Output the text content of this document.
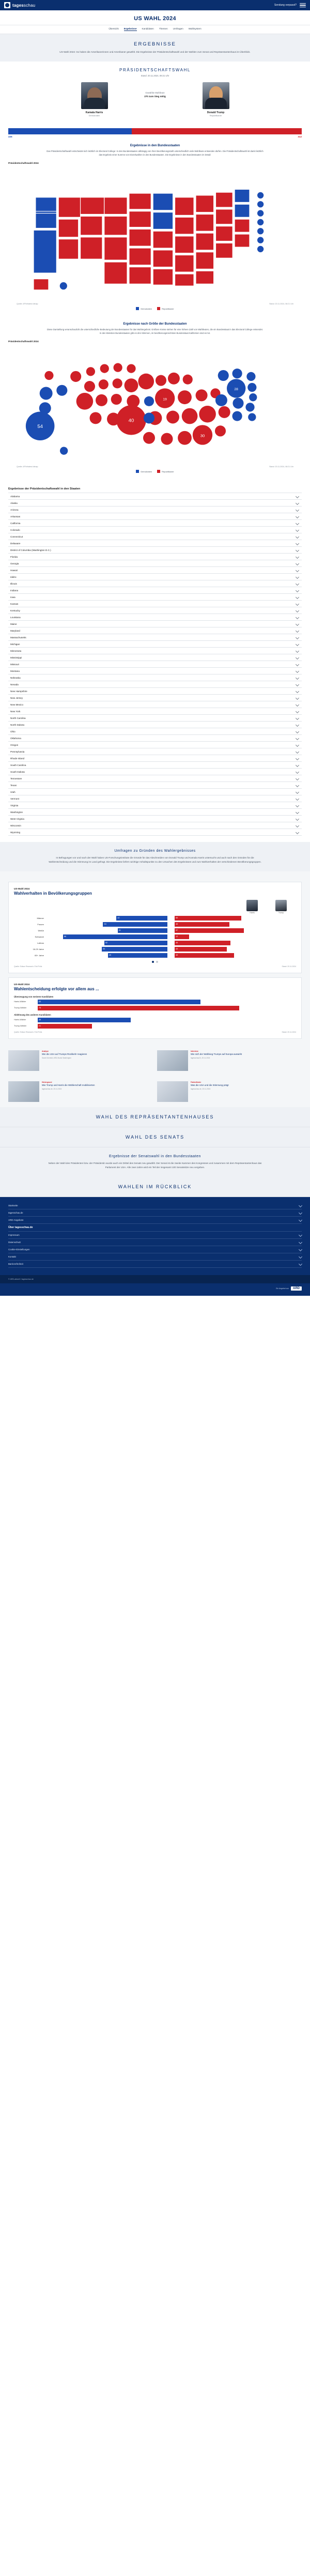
tagesschau	Sendung verpasst?
US WAHL 2024
Übersicht Ergebnisse Kandidaten Themen Umfragen Wahlsystem
ERGEBNISSE

US-Wahl 2024: So haben die Amerikanerinnen und Amerikaner gewählt. Die Ergebnisse der Präsidentschaftswahl und der Wahlen zum Senat und Repräsentantenhaus im Überblick.

PRÄSIDENTSCHAFTSWAHL
Stand: 20.11.2024, 08:21 Uhr
Kamala Harris
Demokraten
Gewählte Wahlleute
270 zum Sieg nötig
Donald Trump
Republikaner
226	312
Ergebnisse in den Bundesstaaten

Das Präsidentschaftswahl entscheidet sich letztlich im Electoral College: In den Bundesstaaten abhängig von ihrer Bevölkerungszahl unterschiedlich viele Wahlleute entsenden dürfen. Die Präsidentschaftswahl ist damit letztlich das Ergebnis einer Summe von Einzelwahlen in den Bundesstaaten. Die Ergebnisse in den Bundesstaaten im Detail:

Präsidentschaftswahl 2024
Quelle: AP/infratest dimap	Stand: 20.11.2024, 08:21 Uhr
Demokraten	Republikaner
Ergebnisse nach Größe der Bundesstaaten

Diese Darstellung veranschaulicht die unterschiedliche Bedeutung der Bundesstaaten für das Wahlergebnis: Größere Kreise stehen für eine höhere Zahl von Wahlleuten, die ein Bundesstaat in das Electoral College entsendet. In den kleinsten Bundesstaaten gibt es drei Stimmen, im bevölkerungsreichsten Bundesstaat Kalifornien sind es 54.

Präsidentschaftswahl 2024
54
40
30
19
28
Quelle: AP/infratest dimap	Stand: 20.11.2024, 08:21 Uhr
Demokraten	Republikaner
Ergebnisse der Präsidentschaftswahl in den Staaten
Alabama
Alaska
Arizona
Arkansas
California
Colorado
Connecticut
Delaware
District of Columbia (Washington D.C.)
Florida
Georgia
Hawaii
Idaho
Illinois
Indiana
Iowa
Kansas
Kentucky
Louisiana
Maine
Maryland
Massachusetts
Michigan
Minnesota
Mississippi
Missouri
Montana
Nebraska
Nevada
New Hampshire
New Jersey
New Mexico
New York
North Carolina
North Dakota
Ohio
Oklahoma
Oregon
Pennsylvania
Rhode Island
South Carolina
South Dakota
Tennessee
Texas
Utah
Vermont
Virginia
Washington
West Virginia
Wisconsin
Wyoming
Umfragen zu Gründen des Wahlergebnisses

In Befragungen vor und nach der Wahl haben US-Forschungsinstitute die Gründe für das Abschneiden von Donald Trump und Kamala Harris untersucht und auch nach den Gründen für die Wahlentscheidung und die Stimmung im Land gefragt. Die Ergebnisse liefern wichtige Anhaltspunkte zu den Ursachen des Ergebnisses und zum Wahlverhalten der verschiedenen Bevölkerungsgruppen.

US-Wahl 2024
Wahlverhalten in Bevölkerungsgruppen
Harris	Trump
Männer	42	55
Frauen	53	45
Weiße	41	57
Schwarze	86	12
Latinos	52	46
18-29 Jahre	54	43
65+ Jahre	49	49
Quelle: Edison Research / Exit Polls	Stand: 20.11.2024
US-Wahl 2024
Wahlentscheidung erfolgte vor allem aus ...
Überzeugung von meinem Kandidaten
Harris-Wähler	63
Trump-Wähler	78
Ablehnung des anderen Kandidaten
Harris-Wähler	36
Trump-Wähler	21
Quelle: Edison Research / Exit Polls	Stand: 20.11.2024
Analyse
Wie die USA auf Trumps Rückkehr reagieren
Sarah Schmidt, ARD-Studio Washington
Interview
Wie sich der Wahlsieg Trumps auf Europa auswirkt
tagesschau24, 20.11.2024
Hintergrund
Wie Trump und Harris die Wählerschaft mobilisierten
tagesschau.de, 20.11.2024
Faktenfinder
Was die USA und die Stimmung prägt
tagesschau.de, 20.11.2024
WAHL DES REPRÄSENTANTENHAUSES
WAHL DES SENATS
Ergebnisse der Senatswahl in den Bundesstaaten

Neben der Wahl des Präsidenten bzw. der Präsidentin wurde auch ein Drittel des Senats neu gewählt. Der Senat ist die zweite Kammer des Kongresses und zusammen mit dem Repräsentantenhaus das Parlament der USA. Alle zwei Jahre wird ein Teil der insgesamt 100 Senatssitze neu vergeben.

WAHLEN IM RÜCKBLICK
Startseite
tagesschau.de
ARD-Angebote
Über tagesschau.de
Impressum
Datenschutz
Cookie-Einstellungen
Kontakt
Barrierefreiheit
© ARD-aktuell / tagesschau.de
Ein Angebot von	ARD
